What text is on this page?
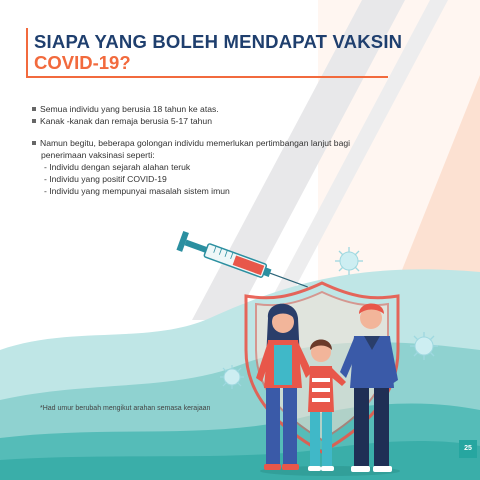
SIAPA YANG BOLEH MENDAPAT VAKSIN
COVID-19?
Semua individu yang berusia 18 tahun ke atas.
Kanak -kanak dan remaja berusia 5-17 tahun
Namun begitu, beberapa golongan individu memerlukan pertimbangan lanjut bagi
penerimaan vaksinasi seperti:
- Individu dengan sejarah alahan teruk
- Individu yang positif COVID-19
- Individu yang mempunyai masalah sistem imun
*Had umur berubah mengikut arahan semasa kerajaan
25
